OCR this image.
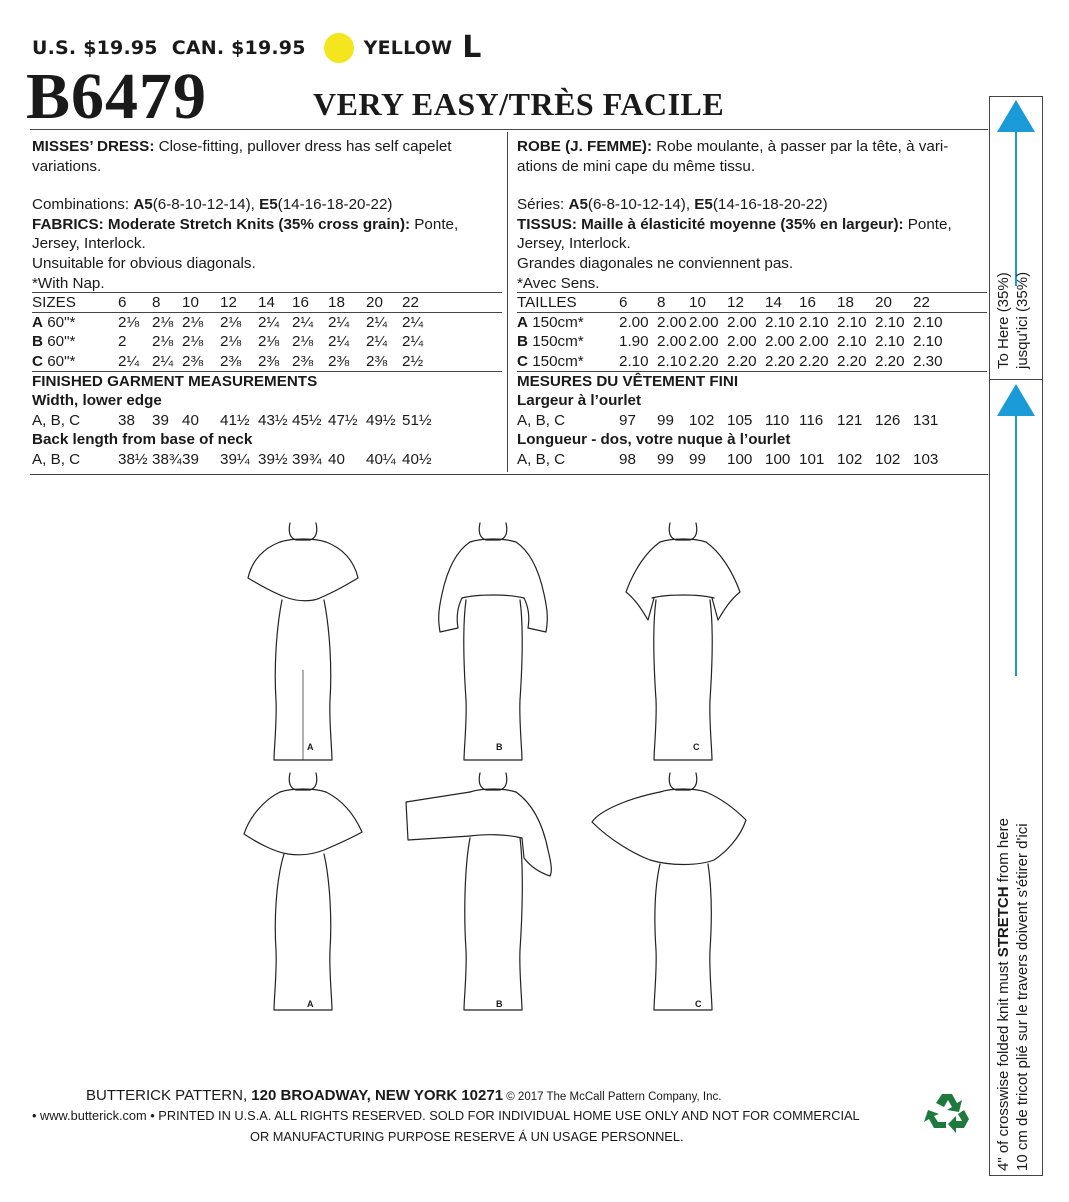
U.S.
$19.95 CAN.
$19.95	YELLOW L
B6479	VERY EASY/TRÈS FACILE

MISSES’ DRESS: Close-fitting, pullover dress has self capelet

variations.

Combinations: A5(6-8-10-12-14), E5(14-16-18-20-22)

FABRICS: Moderate Stretch Knits (35% cross grain): Ponte,

Jersey, Interlock.

Unsuitable for obvious diagonals.

*With Nap.

SIZES	6	8	10	12	14	16	18	20	22
A 60"*	2⅛ 2⅛ 2⅛	2⅛	2¼ 2¼ 2¼	2¼ 2¼
B 60"*	2	2⅛ 2⅛	2⅛	2⅛ 2⅛ 2¼	2¼ 2¼
C 60"*	2¼ 2¼ 2⅜	2⅜	2⅜ 2⅜ 2⅜	2⅜ 2½
FINISHED GARMENT MEASUREMENTS
Width, lower edge
A, B, C 38	39 40	41½ 43½ 45½ 47½ 49½ 51½
Back length from base of neck
A, B, C 38½ 38¾ 39	39¼ 39½ 39¾ 40	40¼ 40½

ROBE (J. FEMME): Robe moulante, à passer par la tête, à vari-

ations de mini cape du même tissu.

Séries: A5(6-8-10-12-14), E5(14-16-18-20-22)

TISSUS: Maille à élasticité moyenne (35% en largeur): Ponte,

Jersey, Interlock.

Grandes diagonales ne conviennent pas.

*Avec Sens.

TAILLES	6	8	10	12	14	16	18	20	22
A 150cm* 2.00 2.00 2.00 2.00 2.10 2.10 2.10 2.10 2.10
B 150cm* 1.90 2.00 2.00 2.00 2.00 2.00 2.10 2.10 2.10
C 150cm* 2.10 2.10 2.20 2.20 2.20 2.20 2.20 2.20 2.30
MESURES DU VÊTEMENT FINI
Largeur à l’ourlet
A, B, C	97	99 102 105 110 116 121 126 131
Longueur - dos, votre nuque à l’ourlet
A, B, C	98	99 99	100 100 101 102 102 103
A	B	C
A	B	C
BUTTERICK PATTERN, 120 BROADWAY, NEW YORK 10271 © 2017 The McCall Pattern Company, Inc.
• www.butterick.com • PRINTED IN U.S.A. ALL RIGHTS RESERVED. SOLD FOR INDIVIDUAL HOME USE ONLY AND NOT FOR COMMERCIAL
OR MANUFACTURING PURPOSE RESERVE Á UN USAGE PERSONNEL.
To Here (35%) jusqu'ici (35%)
4" of crosswise folded knit must STRETCH from here 10 cm de tricot plié sur le travers doivent s'étirer d'ici
